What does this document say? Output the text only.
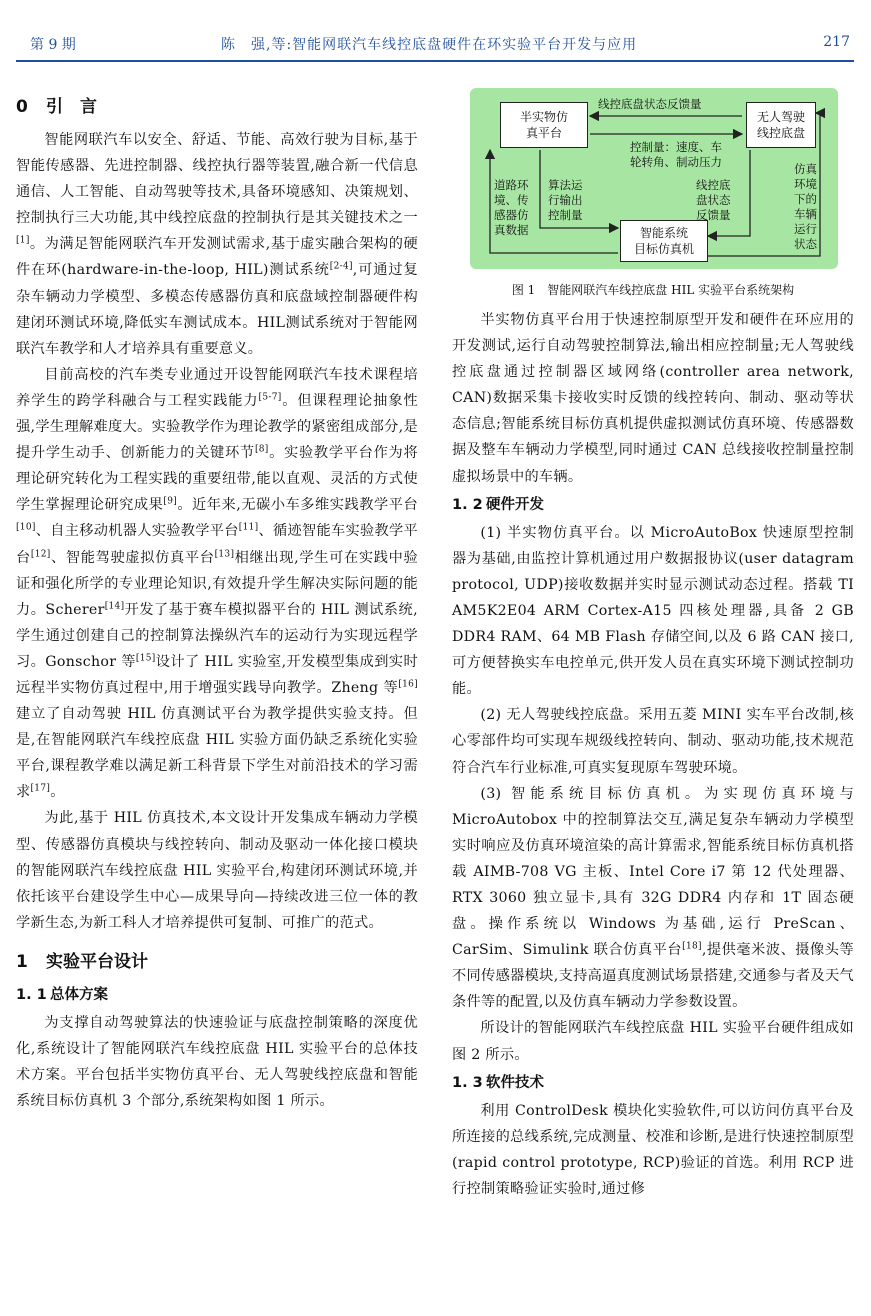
第 9 期	陈　强,等:智能网联汽车线控底盘硬件在环实验平台开发与应用	217
0 引　言

智能网联汽车以安全、舒适、节能、高效行驶为目标,基于智能传感器、先进控制器、线控执行器等装置,融合新一代信息通信、人工智能、自动驾驶等技术,具备环境感知、决策规划、控制执行三大功能,其中线控底盘的控制执行是其关键技术之一[1]。为满足智能网联汽车开发测试需求,基于虚实融合架构的硬件在环(hardware-in-the-loop, HIL)测试系统[2-4],可通过复杂车辆动力学模型、多模态传感器仿真和底盘域控制器硬件构建闭环测试环境,降低实车测试成本。HIL测试系统对于智能网联汽车教学和人才培养具有重要意义。

目前高校的汽车类专业通过开设智能网联汽车技术课程培养学生的跨学科融合与工程实践能力[5-7]。但课程理论抽象性强,学生理解难度大。实验教学作为理论教学的紧密组成部分,是提升学生动手、创新能力的关键环节[8]。实验教学平台作为将理论研究转化为工程实践的重要纽带,能以直观、灵活的方式使学生掌握理论研究成果[9]。近年来,无碳小车多维实践教学平台[10]、自主移动机器人实验教学平台[11]、循迹智能车实验教学平台[12]、智能驾驶虚拟仿真平台[13]相继出现,学生可在实践中验证和强化所学的专业理论知识,有效提升学生解决实际问题的能力。Scherer[14]开发了基于赛车模拟器平台的 HIL 测试系统,学生通过创建自己的控制算法操纵汽车的运动行为实现远程学习。Gonschor 等[15]设计了 HIL 实验室,开发模型集成到实时远程半实物仿真过程中,用于增强实践导向教学。Zheng 等[16]建立了自动驾驶 HIL 仿真测试平台为教学提供实验支持。但是,在智能网联汽车线控底盘 HIL 实验方面仍缺乏系统化实验平台,课程教学难以满足新工科背景下学生对前沿技术的学习需求[17]。

为此,基于 HIL 仿真技术,本文设计开发集成车辆动力学模型、传感器仿真模块与线控转向、制动及驱动一体化接口模块的智能网联汽车线控底盘 HIL 实验平台,构建闭环测试环境,并依托该平台建设学生中心—成果导向—持续改进三位一体的教学新生态,为新工科人才培养提供可复制、可推广的范式。

1 实验平台设计
1. 1 总体方案

为支撑自动驾驶算法的快速验证与底盘控制策略的深度优化,系统设计了智能网联汽车线控底盘 HIL 实验平台的总体技术方案。平台包括半实物仿真平台、无人驾驶线控底盘和智能系统目标仿真机 3 个部分,系统架构如图 1 所示。

半实物仿
真平台
无人驾驶
线控底盘
智能系统
目标仿真机
线控底盘状态反馈量
控制量：速度、车
轮转角、制动压力
道路环
境、传
感器仿
真数据
算法运
行输出
控制量
线控底
盘状态
反馈量
仿真
环境
下的
车辆
运行
状态
图 1　智能网联汽车线控底盘 HIL 实验平台系统架构

半实物仿真平台用于快速控制原型开发和硬件在环应用的开发测试,运行自动驾驶控制算法,输出相应控制量;无人驾驶线控底盘通过控制器区域网络(controller area network, CAN)数据采集卡接收实时反馈的线控转向、制动、驱动等状态信息;智能系统目标仿真机提供虚拟测试仿真环境、传感器数据及整车车辆动力学模型,同时通过 CAN 总线接收控制量控制虚拟场景中的车辆。

1. 2 硬件开发

(1) 半实物仿真平台。以 MicroAutoBox 快速原型控制器为基础,由监控计算机通过用户数据报协议(user datagram protocol, UDP)接收数据并实时显示测试动态过程。搭载 TI AM5K2E04 ARM Cortex-A15 四核处理器,具备 2 GB DDR4 RAM、64 MB Flash 存储空间,以及 6 路 CAN 接口,可方便替换实车电控单元,供开发人员在真实环境下测试控制功能。

(2) 无人驾驶线控底盘。采用五菱 MINI 实车平台改制,核心零部件均可实现车规级线控转向、制动、驱动功能,技术规范符合汽车行业标准,可真实复现原车驾驶环境。

(3) 智能系统目标仿真机。为实现仿真环境与 MicroAutobox 中的控制算法交互,满足复杂车辆动力学模型实时响应及仿真环境渲染的高计算需求,智能系统目标仿真机搭载 AIMB-708 VG 主板、Intel Core i7 第 12 代处理器、RTX 3060 独立显卡,具有 32G DDR4 内存和 1T 固态硬盘。操作系统以 Windows 为基础,运行 PreScan、CarSim、Simulink 联合仿真平台[18],提供毫米波、摄像头等不同传感器模块,支持高逼真度测试场景搭建,交通参与者及天气条件等的配置,以及仿真车辆动力学参数设置。

所设计的智能网联汽车线控底盘 HIL 实验平台硬件组成如图 2 所示。

1. 3 软件技术

利用 ControlDesk 模块化实验软件,可以访问仿真平台及所连接的总线系统,完成测量、校准和诊断,是进行快速控制原型(rapid control prototype, RCP)验证的首选。利用 RCP 进行控制策略验证实验时,通过修
